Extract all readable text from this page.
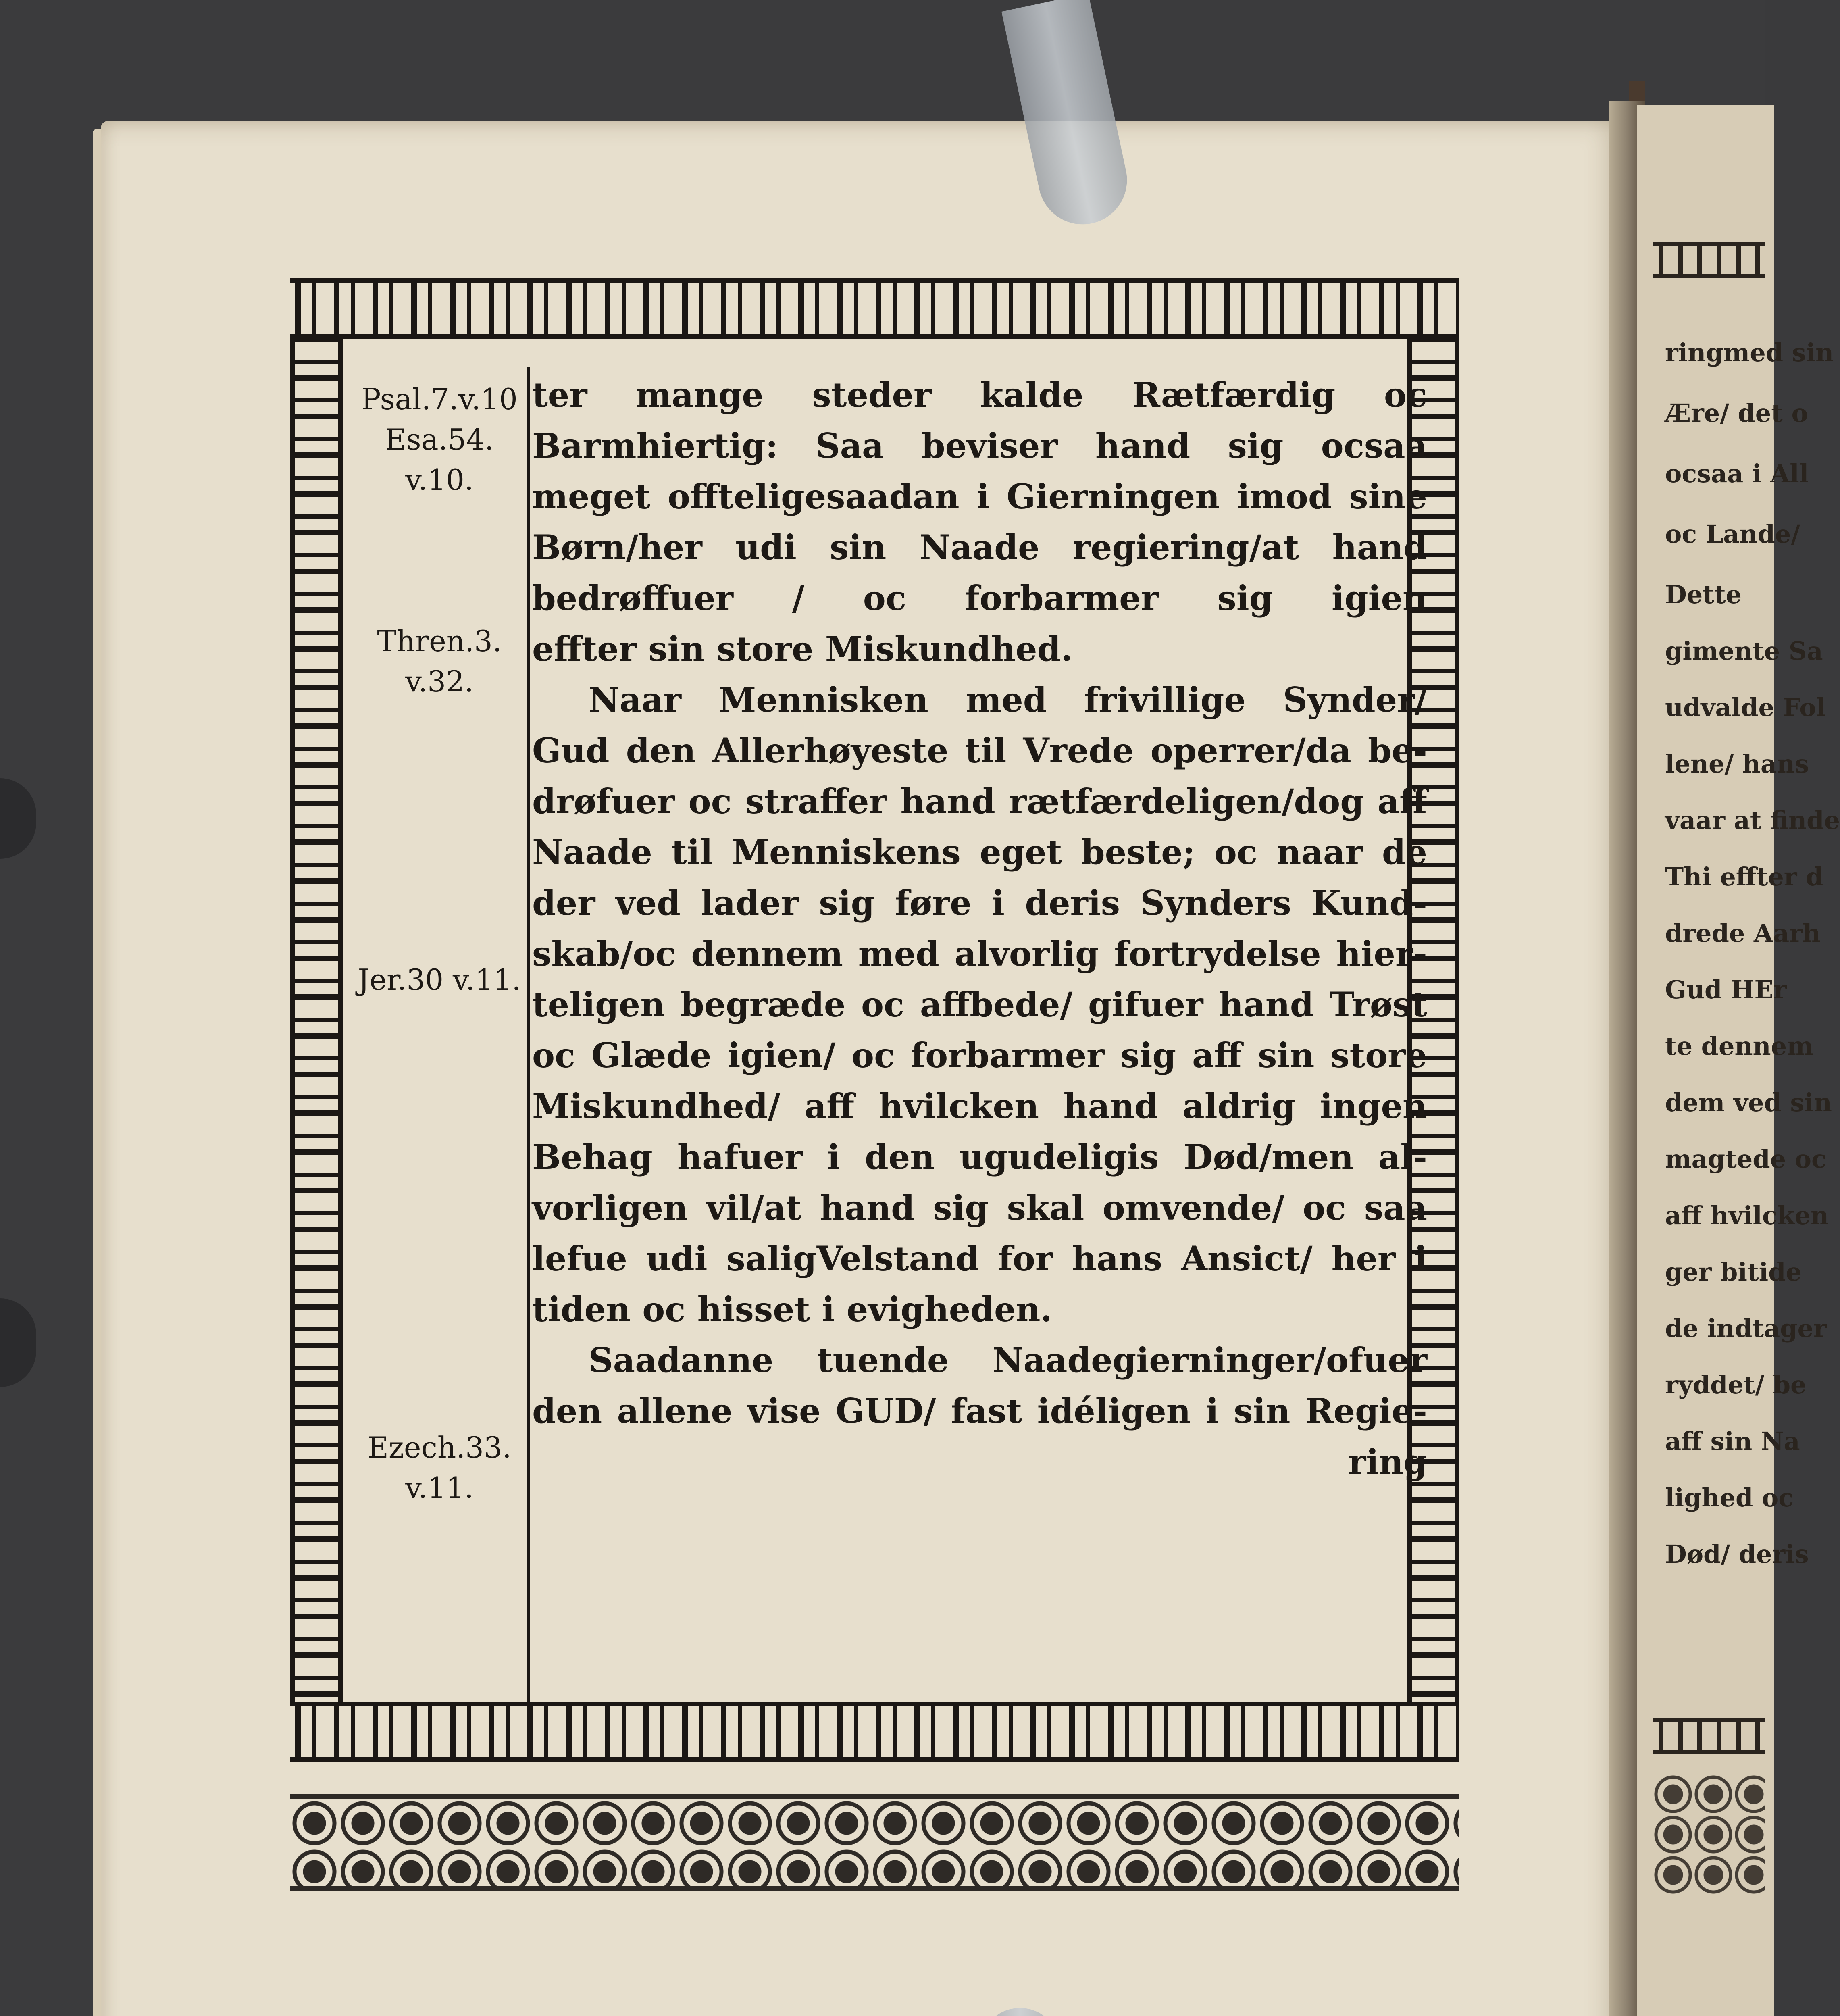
Psal.7.v.10
Esa.54.
v.10.
Thren.3.
v.32.
Jer.30 v.11.
Ezech.33.
v.11.
ter mange steder kalde Rætfærdig oc
Barmhiertig: Saa beviser hand sig ocsaa
meget offteligesaadan i Gierningen imod sine
Børn/her udi sin Naade regiering/at hand
bedrøffuer / oc forbarmer sig igien
effter sin store Miskundhed.
Naar Mennisken med frivillige Synder/
Gud den Allerhøyeste til Vrede operrer/da be-
drøfuer oc straffer hand rætfærdeligen/dog aff
Naade til Menniskens eget beste; oc naar de
der ved lader sig føre i deris Synders Kund-
skab/oc dennem med alvorlig fortrydelse hier-
teligen begræde oc affbede/ gifuer hand Trøst
oc Glæde igien/ oc forbarmer sig aff sin store
Miskundhed/ aff hvilcken hand aldrig ingen
Behag hafuer i den ugudeligis Død/men al-
vorligen vil/at hand sig skal omvende/ oc saa
lefue udi saligVelstand for hans Ansict/ her i
tiden oc hisset i evigheden.
Saadanne tuende Naadegierninger/ofuer
den allene vise GUD/ fast idéligen i sin Regie-
ring
ringmed sin
Ære/ det o
ocsaa i All
oc Lande/
Dette
gimente Sa
udvalde Fol
lene/ hans
vaar at finde
Thi effter d
drede Aarh
Gud HEr
te dennem
dem ved sin
magtede oc
aff hvilcken
ger bitide
de indtager
ryddet/ be
aff sin Na
lighed oc
Død/ deris
